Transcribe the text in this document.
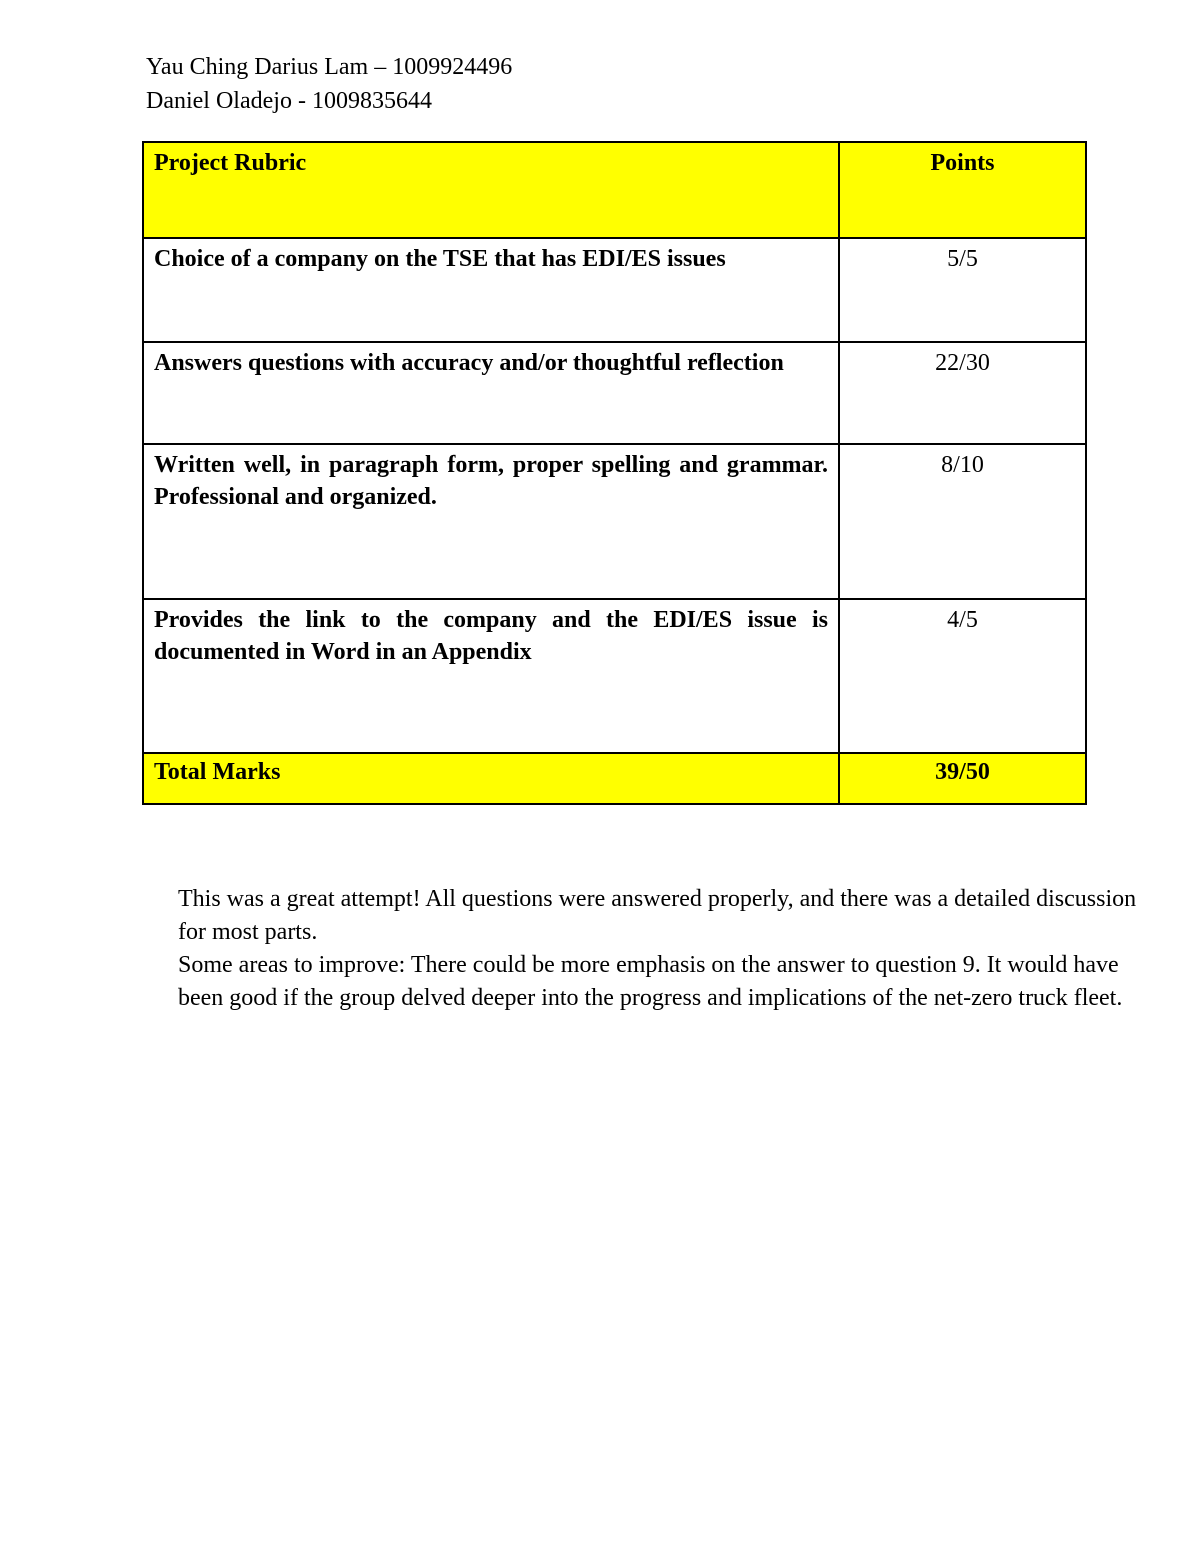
Yau Ching Darius Lam – 1009924496
Daniel Oladejo - 1009835644
Project Rubric	Points
Choice of a company on the TSE that has EDI/ES issues	5/5
Answers questions with accuracy and/or thoughtful reflection	22/30
Written well, in paragraph form, proper spelling and grammar. Professional and organized.	8/10
Provides the link to the company and the EDI/ES issue is documented in Word in an Appendix	4/5
Total Marks	39/50

This was a great attempt! All questions were answered properly, and there was a detailed discussion for most parts.

Some areas to improve: There could be more emphasis on the answer to question 9. It would have been good if the group delved deeper into the progress and implications of the net-zero truck fleet.
